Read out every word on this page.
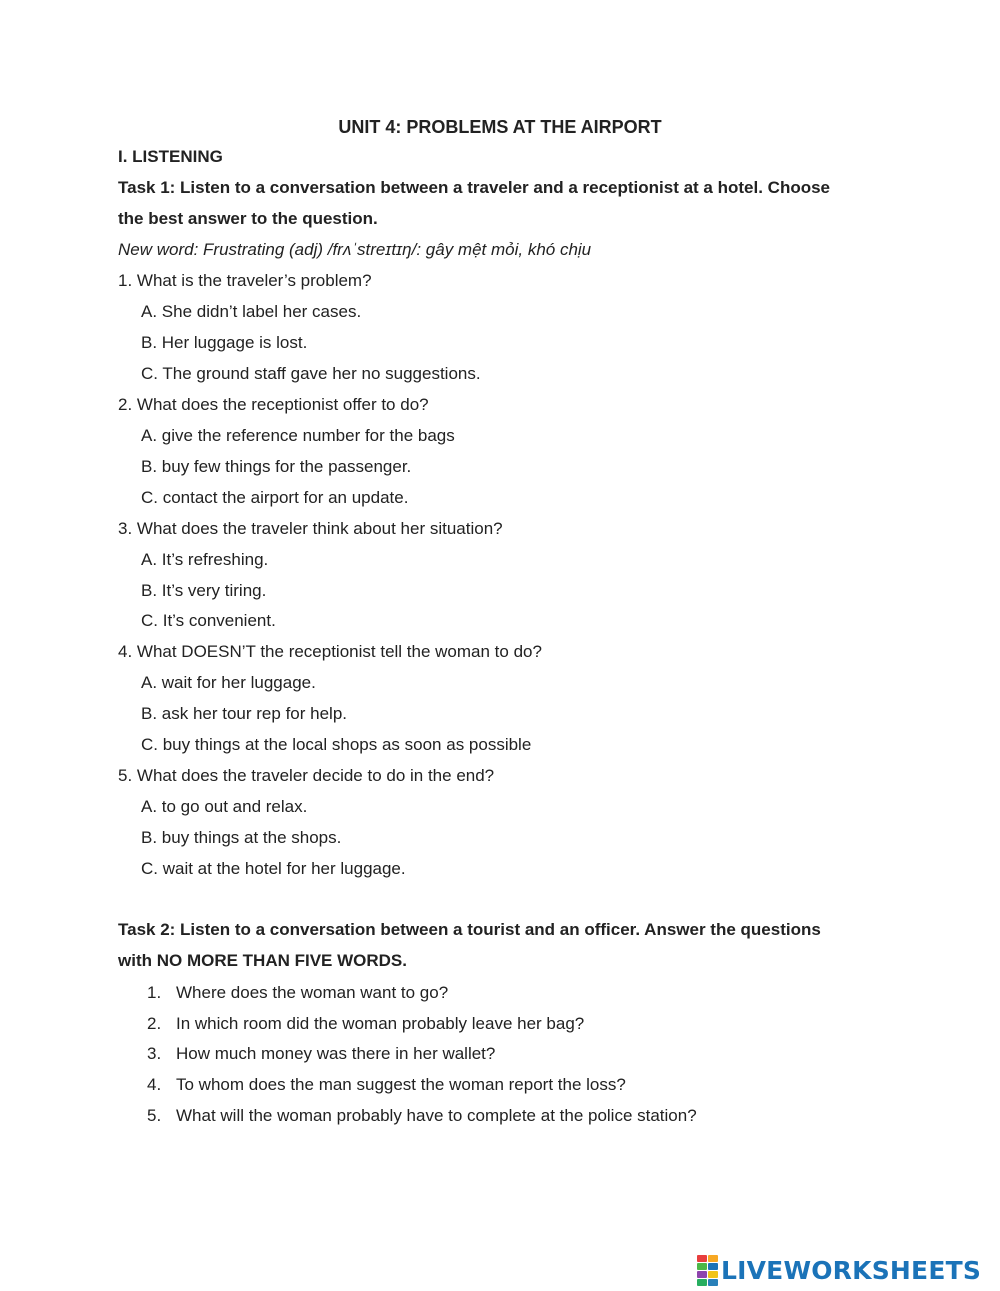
UNIT 4: PROBLEMS AT THE AIRPORT
I. LISTENING
Task 1: Listen to a conversation between a traveler and a receptionist at a hotel. Choose
the best answer to the question.
New word: Frustrating (adj) /frʌˈstreɪtɪŋ/: gây mệt mỏi, khó chịu
1. What is the traveler’s problem?
A. She didn’t label her cases.
B. Her luggage is lost.
C. The ground staff gave her no suggestions.
2. What does the receptionist offer to do?
A. give the reference number for the bags
B. buy few things for the passenger.
C. contact the airport for an update.
3. What does the traveler think about her situation?
A. It’s refreshing.
B. It’s very tiring.
C. It’s convenient.
4. What DOESN’T the receptionist tell the woman to do?
A. wait for her luggage.
B. ask her tour rep for help.
C. buy things at the local shops as soon as possible
5. What does the traveler decide to do in the end?
A. to go out and relax.
B. buy things at the shops.
C. wait at the hotel for her luggage.
Task 2: Listen to a conversation between a tourist and an officer. Answer the questions
with NO MORE THAN FIVE WORDS.
1. Where does the woman want to go?
2. In which room did the woman probably leave her bag?
3. How much money was there in her wallet?
4. To whom does the man suggest the woman report the loss?
5. What will the woman probably have to complete at the police station?
LIVEWORKSHEETS
